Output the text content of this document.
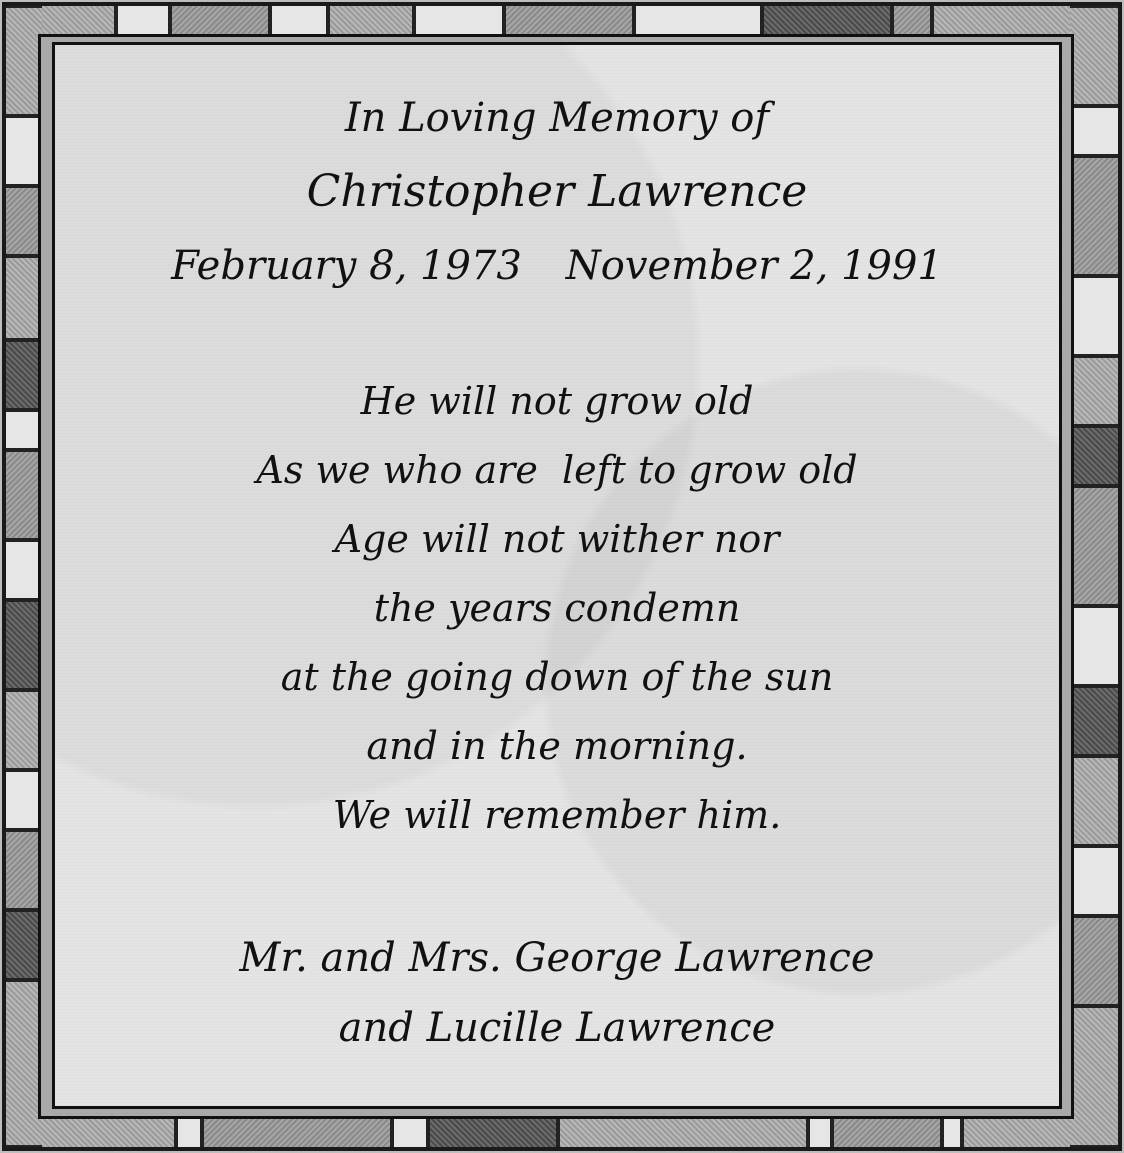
In Loving Memory of
Christopher Lawrence
February 8, 1973 November 2, 1991
He will not grow old
As we who are  left to grow old
Age will not wither nor
the years condemn
at the going down of the sun
and in the morning.
We will remember him.
Mr. and Mrs. George Lawrence
and Lucille Lawrence
